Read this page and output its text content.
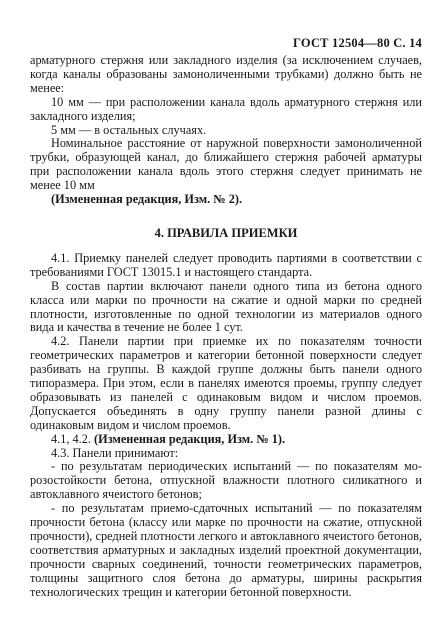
ГОСТ 12504—80 С. 14

арматурного стержня или закладного изделия (за исключением случаев, когда каналы образованы замоноличенными трубками) должно быть не менее:

10 мм — при расположении канала вдоль арматурного стержня или закладного изделия;

5 мм — в остальных случаях.

Номинальное расстояние от наружной поверхности замоноличенной трубки, образующей канал, до ближайшего стержня рабочей арматуры при расположении канала вдоль этого стержня следует принимать не менее 10 мм

(Измененная редакция, Изм. № 2).

4. ПРАВИЛА ПРИЕМКИ

4.1. Приемку панелей следует проводить партиями в соответствии с требованиями ГОСТ 13015.1 и настоящего стандарта.

В состав партии включают панели одного типа из бетона одного класса или марки по прочности на сжатие и одной марки по средней плотности, изготовленные по одной технологии из материалов одного вида и качества в течение не более 1 сут.

4.2. Панели партии при приемке их по показателям точности геометрических параметров и категории бетонной поверхности следует разбивать на группы. В каждой группе должны быть панели одного типоразмера. При этом, если в панелях имеются проемы, группу следует образовывать из панелей с одинаковым видом и числом проемов. Допускается объединять в одну группу панели разной длины с одинаковым видом и числом проемов.

4.1, 4.2. (Измененная редакция, Изм. № 1).

4.3. Панели принимают:

- по результатам периодических испытаний — по показателям морозостойкости бетона, отпускной влажности плотного силикатного и автоклавного ячеистого бетонов;

- по результатам приемо-сдаточных испытаний — по показателям прочности бетона (классу или марке по прочности на сжатие, отпускной прочности), средней плотности легкого и автоклавного ячеистого бетонов, соответствия арматурных и закладных изделий проектной документации, прочности сварных соединений, точности геометрических параметров, толщины защитного слоя бетона до арматуры, ширины раскрытия технологических трещин и категории бетонной поверхности.
